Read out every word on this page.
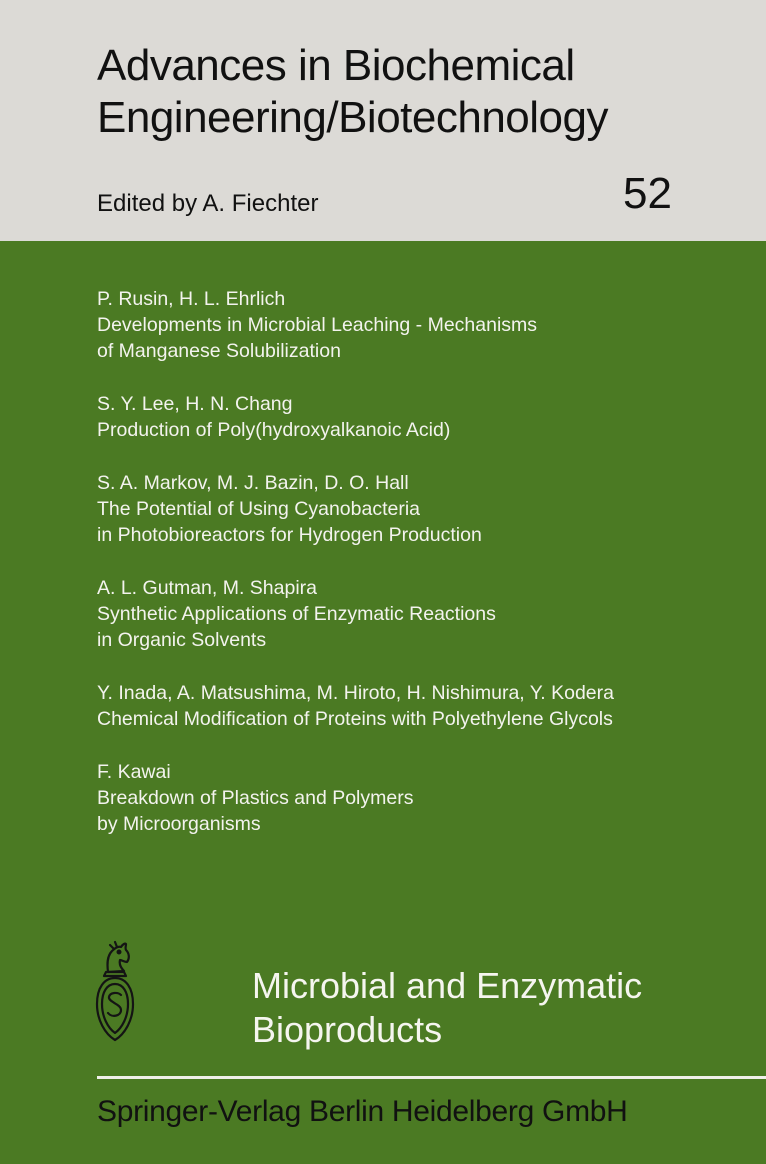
Advances in Biochemical
Engineering/Biotechnology
Edited by A. Fiechter	52
P. Rusin, H. L. Ehrlich
Developments in Microbial Leaching - Mechanisms
of Manganese Solubilization
S. Y. Lee, H. N. Chang
Production of Poly(hydroxyalkanoic Acid)
S. A. Markov, M. J. Bazin, D. O. Hall
The Potential of Using Cyanobacteria
in Photobioreactors for Hydrogen Production
A. L. Gutman, M. Shapira
Synthetic Applications of Enzymatic Reactions
in Organic Solvents
Y. Inada, A. Matsushima, M. Hiroto, H. Nishimura, Y. Kodera
Chemical Modification of Proteins with Polyethylene Glycols
F. Kawai
Breakdown of Plastics and Polymers
by Microorganisms
Microbial and Enzymatic
Bioproducts
Springer-Verlag Berlin Heidelberg GmbH
